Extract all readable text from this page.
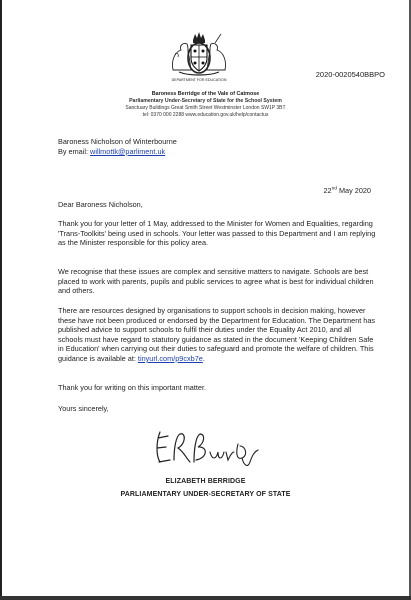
DEPARTMENT FOR EDUCATION
2020-0020540BBPO
Baroness Berridge of the Vale of Catmose
Parliamentary Under-Secretary of State for the School System
Sanctuary Buildings Great Smith Street Westminster London SW1P 3BT
tel: 0370 000 2288 www.education.gov.uk/help/contactus
Baroness Nicholson of Winterbourne
By email: willmottk@parliment.uk
22nd May 2020

Dear Baroness Nicholson,

Thank you for your letter of 1 May, addressed to the Minister for Women and Equalities, regarding 'Trans-Toolkits' being used in schools. Your letter was passed to this Department and I am replying as the Minister responsible for this policy area.

We recognise that these issues are complex and sensitive matters to navigate. Schools are best placed to work with parents, pupils and public services to agree what is best for individual children and others.

There are resources designed by organisations to support schools in decision making, however these have not been produced or endorsed by the Department for Education. The Department has published advice to support schools to fulfil their duties under the Equality Act 2010, and all schools must have regard to statutory guidance as stated in the document 'Keeping Children Safe in Education' when carrying out their duties to safeguard and promote the welfare of children. This guidance is available at: tinyurl.com/p9cxb7e.

Thank you for writing on this important matter.

Yours sincerely,

ELIZABETH BERRIDGE
PARLIAMENTARY UNDER-SECRETARY OF STATE
